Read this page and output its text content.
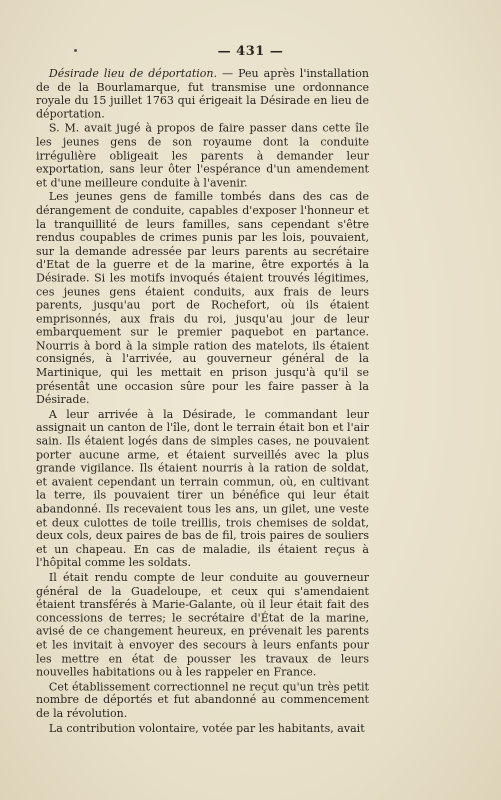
— 431 —

Désirade lieu de déportation. — Peu après l'installation de de la Bourlamarque, fut transmise une ordonnance royale du 15 juillet 1763 qui érigeait la Désirade en lieu de déportation.

S. M. avait jugé à propos de faire passer dans cette île les jeunes gens de son royaume dont la conduite irrégulière obligeait les parents à demander leur exportation, sans leur ôter l'espérance d'un amendement et d'une meilleure conduite à l'avenir.

Les jeunes gens de famille tombés dans des cas de dérangement de conduite, capables d'exposer l'honneur et la tranquillité de leurs familles, sans cependant s'être rendus coupables de crimes punis par les lois, pouvaient, sur la demande adressée par leurs parents au secrétaire d'Etat de la guerre et de la marine, être exportés à la Désirade. Si les motifs invoqués étaient trouvés légitimes, ces jeunes gens étaient conduits, aux frais de leurs parents, jusqu'au port de Rochefort, où ils étaient emprisonnés, aux frais du roi, jusqu'au jour de leur embarquement sur le premier paquebot en partance. Nourris à bord à la simple ration des matelots, ils étaient consignés, à l'arrivée, au gouverneur général de la Martinique, qui les mettait en prison jusqu'à qu'il se présentât une occasion sûre pour les faire passer à la Désirade.

A leur arrivée à la Désirade, le commandant leur assignait un canton de l'île, dont le terrain était bon et l'air sain. Ils étaient logés dans de simples cases, ne pouvaient porter aucune arme, et étaient surveillés avec la plus grande vigilance. Ils étaient nourris à la ration de soldat, et avaient cependant un terrain commun, où, en cultivant la terre, ils pouvaient tirer un bénéfice qui leur était abandonné. Ils recevaient tous les ans, un gilet, une veste et deux culottes de toile treillis, trois chemises de soldat, deux cols, deux paires de bas de fil, trois paires de souliers et un chapeau. En cas de maladie, ils étaient reçus à l'hôpital comme les soldats.

Il était rendu compte de leur conduite au gouverneur général de la Guadeloupe, et ceux qui s'amendaient étaient transférés à Marie-Galante, où il leur était fait des concessions de terres; le secrétaire d'État de la marine, avisé de ce changement heureux, en prévenait les parents et les invitait à envoyer des secours à leurs enfants pour les mettre en état de pousser les travaux de leurs nouvelles habitations ou à les rappeler en France.

Cet établissement correctionnel ne reçut qu'un très petit nombre de déportés et fut abandonné au commencement de la révolution.

La contribution volontaire, votée par les habitants, avait
